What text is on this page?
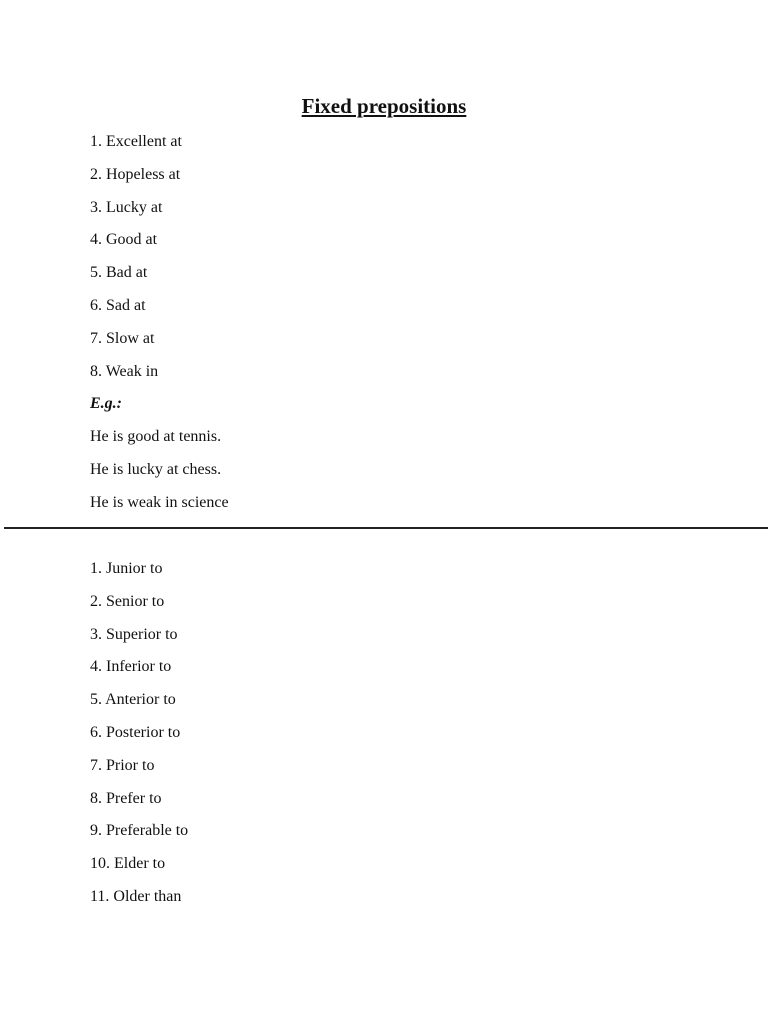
Fixed prepositions
1. Excellent at
2. Hopeless at
3. Lucky at
4. Good at
5. Bad at
6. Sad at
7. Slow at
8. Weak in
E.g.:
He is good at tennis.
He is lucky at chess.
He is weak in science
1. Junior to
2. Senior to
3. Superior to
4. Inferior to
5. Anterior to
6. Posterior to
7. Prior to
8. Prefer to
9. Preferable to
10. Elder to
11. Older than
